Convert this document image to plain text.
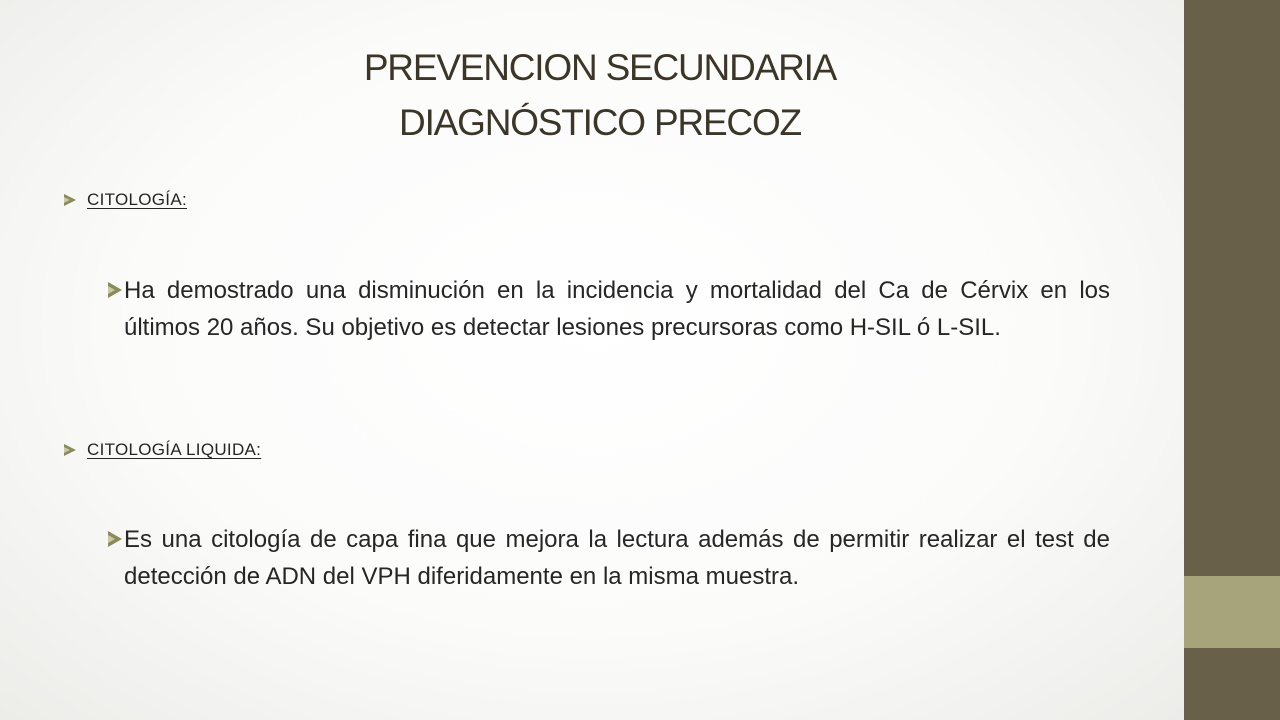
PREVENCION SECUNDARIA
DIAGNÓSTICO PRECOZ
CITOLOGÍA:
Ha demostrado una disminución en la incidencia y mortalidad del Ca de Cérvix en los últimos 20 años. Su objetivo es detectar lesiones precursoras como H-SIL ó L-SIL.
CITOLOGÍA LIQUIDA:
Es una citología de capa fina que mejora la lectura además de permitir realizar el test de detección de ADN del VPH diferidamente en la misma muestra.
